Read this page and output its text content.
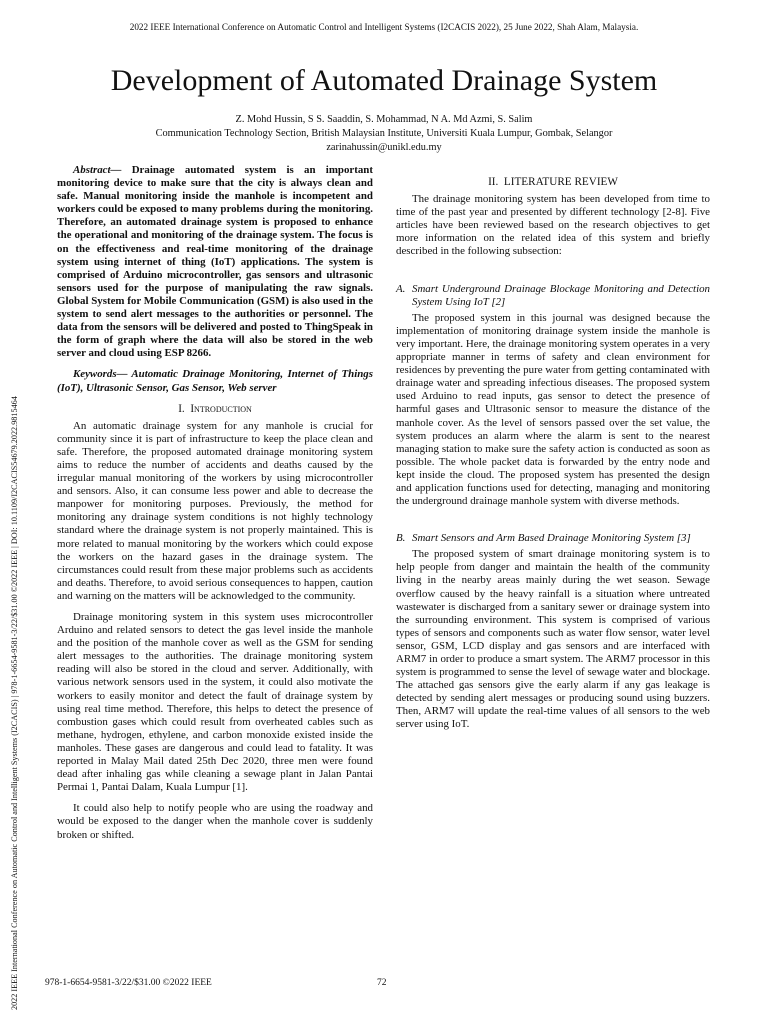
2022 IEEE International Conference on Automatic Control and Intelligent Systems (I2CACIS 2022), 25 June 2022, Shah Alam, Malaysia.
2022 IEEE International Conference on Automatic Control and Intelligent Systems (I2CACIS) | 978-1-6654-9581-3/22/$31.00 ©2022 IEEE | DOI: 10.1109/I2CACIS54679.2022.9815464
Development of Automated Drainage System
Z. Mohd Hussin, S S. Saaddin, S. Mohammad, N A. Md Azmi, S. Salim
Communication Technology Section, British Malaysian Institute, Universiti Kuala Lumpur, Gombak, Selangor
zarinahussin@unikl.edu.my

Abstract— Drainage automated system is an important monitoring device to make sure that the city is always clean and safe. Manual monitoring inside the manhole is incompetent and workers could be exposed to many problems during the monitoring. Therefore, an automated drainage system is proposed to enhance the operational and monitoring of the drainage system. The focus is on the effectiveness and real-time monitoring of the drainage system using internet of thing (IoT) applications. The system is comprised of Arduino microcontroller, gas sensors and ultrasonic sensors used for the purpose of manipulating the raw signals. Global System for Mobile Communication (GSM) is also used in the system to send alert messages to the authorities or personnel. The data from the sensors will be delivered and posted to ThingSpeak in the form of graph where the data will also be stored in the web server and cloud using ESP 8266.

Keywords— Automatic Drainage Monitoring, Internet of Things (IoT), Ultrasonic Sensor, Gas Sensor, Web server

I. Introduction

An automatic drainage system for any manhole is crucial for community since it is part of infrastructure to keep the place clean and safe. Therefore, the proposed automated drainage monitoring system aims to reduce the number of accidents and deaths caused by the irregular manual monitoring of the workers by using microcontroller and sensors. Also, it can consume less power and able to decrease the manpower for monitoring purposes. Previously, the method for monitoring any drainage system conditions is not highly technology standard where the drainage system is not properly maintained. This is more related to manual monitoring by the workers which could expose the workers on the hazard gases in the drainage system. The circumstances could result from these major problems such as accidents and deaths. Therefore, to avoid serious consequences to happen, caution and warning on the matters will be acknowledged to the community.

Drainage monitoring system in this system uses microcontroller Arduino and related sensors to detect the gas level inside the manhole and the position of the manhole cover as well as the GSM for sending alert messages to the authorities. The drainage monitoring system reading will also be stored in the cloud and server. Additionally, with various network sensors used in the system, it could also motivate the workers to easily monitor and detect the fault of drainage system by using real time method. Therefore, this helps to detect the presence of combustion gases which could result from overheated cables such as methane, hydrogen, ethylene, and carbon monoxide existed inside the manholes. These gases are dangerous and could lead to fatality. It was reported in Malay Mail dated 25th Dec 2020, three men were found dead after inhaling gas while cleaning a sewage plant in Jalan Pantai Permai 1, Pantai Dalam, Kuala Lumpur [1].

It could also help to notify people who are using the roadway and would be exposed to the danger when the manhole cover is suddenly broken or shifted.

II. LITERATURE REVIEW

The drainage monitoring system has been developed from time to time of the past year and presented by different technology [2-8]. Five articles have been reviewed based on the research objectives to get more information on the related idea of this system and briefly described in the following subsection:

A. Smart Underground Drainage Blockage Monitoring and Detection System Using IoT [2]

The proposed system in this journal was designed because the implementation of monitoring drainage system inside the manhole is very important. Here, the drainage monitoring system operates in a very appropriate manner in terms of safety and clean environment for residences by preventing the pure water from getting contaminated with drainage water and spreading infectious diseases. The proposed system used Arduino to read inputs, gas sensor to detect the presence of harmful gases and Ultrasonic sensor to measure the distance of the manhole cover. As the level of sensors passed over the set value, the system produces an alarm where the alarm is sent to the nearest managing station to make sure the safety action is conducted as soon as possible. The whole packet data is forwarded by the entry node and kept inside the cloud. The proposed system has presented the design and application functions used for detecting, managing and monitoring the underground drainage manhole system with diverse methods.

B. Smart Sensors and Arm Based Drainage Monitoring System [3]

The proposed system of smart drainage monitoring system is to help people from danger and maintain the health of the community living in the nearby areas mainly during the wet season. Sewage overflow caused by the heavy rainfall is a situation where untreated wastewater is discharged from a sanitary sewer or drainage system into the surrounding environment. This system is comprised of various types of sensors and components such as water flow sensor, water level sensor, GSM, LCD display and gas sensors and are interfaced with ARM7 in order to produce a smart system. The ARM7 processor in this system is programmed to sense the level of sewage water and blockage. The attached gas sensors give the early alarm if any gas leakage is detected by sending alert messages or producing sound using buzzers. Then, ARM7 will update the real-time values of all sensors to the web server using IoT.

978-1-6654-9581-3/22/$31.00 ©2022 IEEE	72
